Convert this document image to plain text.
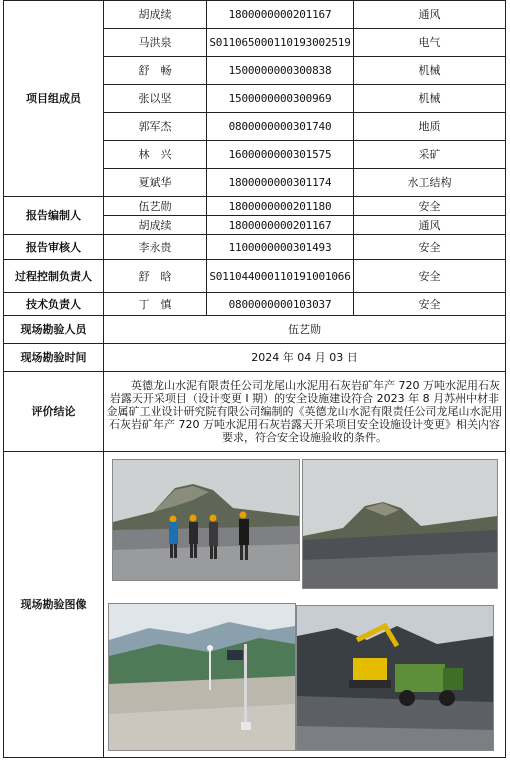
项目组成员	胡成续	1800000000201167	通风
	马洪泉	S011065000110193002519	电气
	舒　畅	1500000000300838	机械
	张以坚	1500000000300969	机械
	郭军杰	0800000000301740	地质
	林　兴	1600000000301575	采矿
	夏斌华	1800000000301174	水工结构
报告编制人	伍艺勋	1800000000201180	安全
	胡成续	1800000000201167	通风
报告审核人	李永贵	1100000000301493	安全
过程控制负责人	舒　晗	S011044000110191001066	安全
技术负责人	丁　慎	0800000000103037	安全
现场勘验人员	伍艺勋		
现场勘验时间	2024 年 04 月 03 日		
评价结论	英德龙山水泥有限责任公司龙尾山水泥用石灰岩矿年产 720 万吨水泥用石灰岩露天开采项目（设计变更 I 期）的安全设施建设符合 2023 年 8 月苏州中材非金属矿工业设计研究院有限公司编制的《英德龙山水泥有限责任公司龙尾山水泥用石灰岩矿年产 720 万吨水泥用石灰岩露天开采项目安全设施设计变更》相关内容要求，符合安全设施验收的条件。		
现场勘验图像	
